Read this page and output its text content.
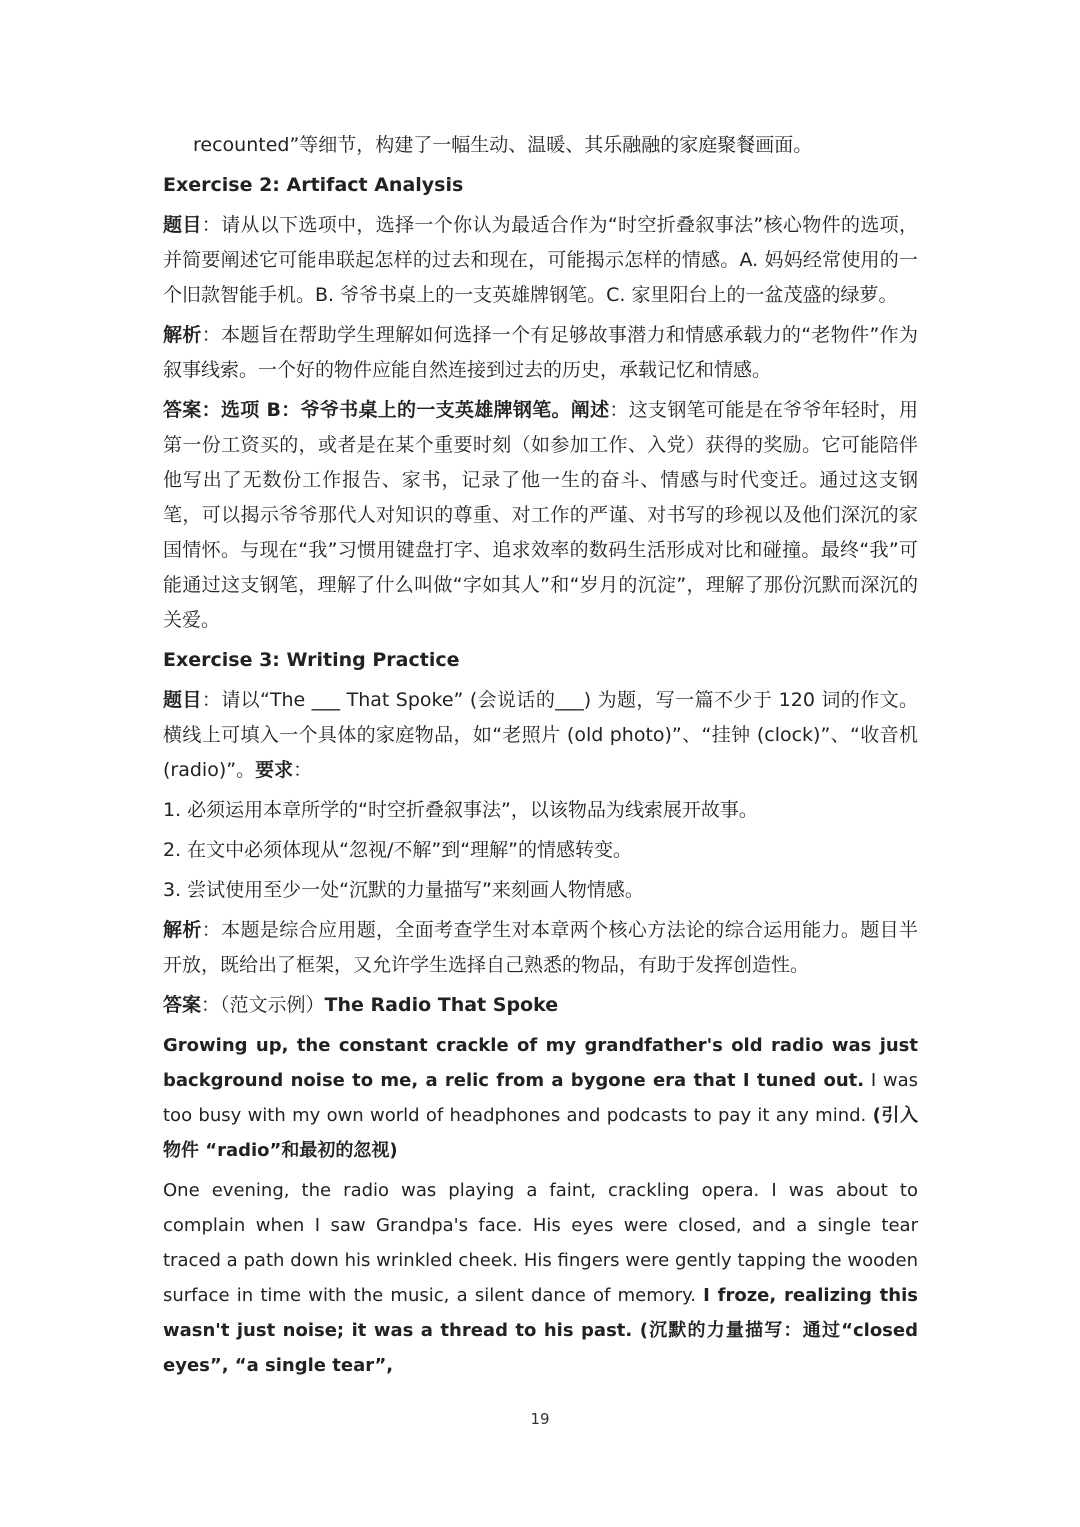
recounted”等细节，构建了一幅生动、温暖、其乐融融的家庭聚餐画面。

Exercise 2: Artifact Analysis

题目：请从以下选项中，选择一个你认为最适合作为“时空折叠叙事法”核心物件的选项，并简要阐述它可能串联起怎样的过去和现在，可能揭示怎样的情感。A. 妈妈经常使用的一个旧款智能手机。B. 爷爷书桌上的一支英雄牌钢笔。C. 家里阳台上的一盆茂盛的绿萝。

解析：本题旨在帮助学生理解如何选择一个有足够故事潜力和情感承载力的“老物件”作为叙事线索。一个好的物件应能自然连接到过去的历史，承载记忆和情感。

答案：选项 B：爷爷书桌上的一支英雄牌钢笔。阐述：这支钢笔可能是在爷爷年轻时，用第一份工资买的，或者是在某个重要时刻（如参加工作、入党）获得的奖励。它可能陪伴他写出了无数份工作报告、家书，记录了他一生的奋斗、情感与时代变迁。通过这支钢笔，可以揭示爷爷那代人对知识的尊重、对工作的严谨、对书写的珍视以及他们深沉的家国情怀。与现在“我”习惯用键盘打字、追求效率的数码生活形成对比和碰撞。最终“我”可能通过这支钢笔，理解了什么叫做“字如其人”和“岁月的沉淀”，理解了那份沉默而深沉的关爱。

Exercise 3: Writing Practice

题目：请以“The ___ That Spoke” (会说话的___) 为题，写一篇不少于 120 词的作文。横线上可填入一个具体的家庭物品，如“老照片 (old photo)”、“挂钟 (clock)”、“收音机 (radio)”。要求：

1. 必须运用本章所学的“时空折叠叙事法”，以该物品为线索展开故事。

2. 在文中必须体现从“忽视/不解”到“理解”的情感转变。

3. 尝试使用至少一处“沉默的力量描写”来刻画人物情感。

解析：本题是综合应用题，全面考查学生对本章两个核心方法论的综合运用能力。题目半开放，既给出了框架，又允许学生选择自己熟悉的物品，有助于发挥创造性。

答案：（范文示例）The Radio That Spoke

Growing up, the constant crackle of my grandfather's old radio was just background noise to me, a relic from a bygone era that I tuned out. I was too busy with my own world of headphones and podcasts to pay it any mind. (引入物件 “radio”和最初的忽视)

One evening, the radio was playing a faint, crackling opera. I was about to complain when I saw Grandpa's face. His eyes were closed, and a single tear traced a path down his wrinkled cheek. His fingers were gently tapping the wooden surface in time with the music, a silent dance of memory. I froze, realizing this wasn't just noise; it was a thread to his past. (沉默的力量描写：通过“closed eyes”, “a single tear”,

19
